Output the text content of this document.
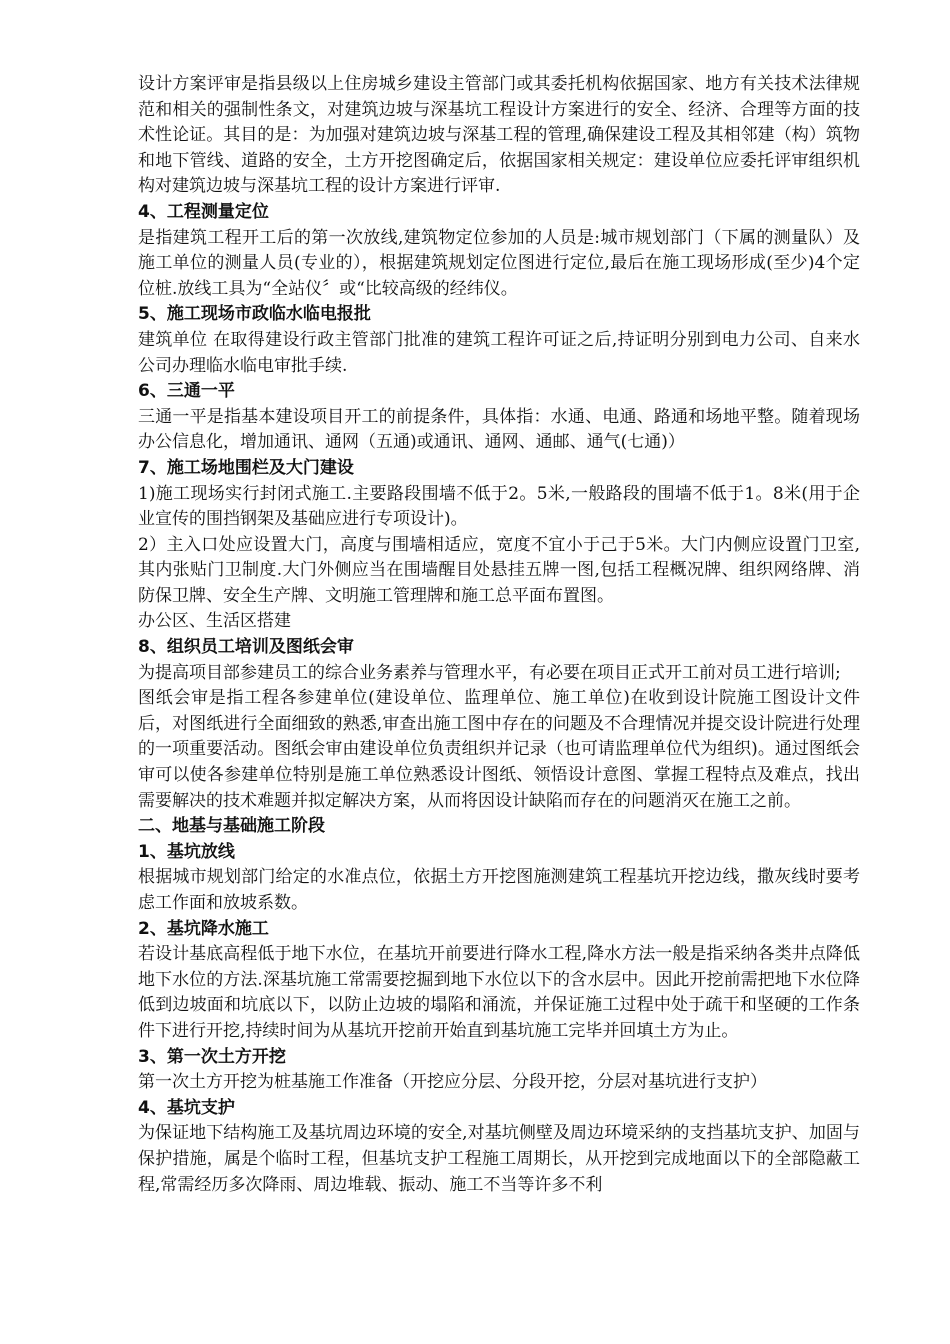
设计方案评审是指县级以上住房城乡建设主管部门或其委托机构依据国家、地方有关技术法律规范和相关的强制性条文，对建筑边坡与深基坑工程设计方案进行的安全、经济、合理等方面的技术性论证。其目的是：为加强对建筑边坡与深基工程的管理,确保建设工程及其相邻建（构）筑物和地下管线、道路的安全，土方开挖图确定后，依据国家相关规定：建设单位应委托评审组织机构对建筑边坡与深基坑工程的设计方案进行评审.

4、工程测量定位

是指建筑工程开工后的第一次放线,建筑物定位参加的人员是:城市规划部门（下属的测量队）及施工单位的测量人员(专业的），根据建筑规划定位图进行定位,最后在施工现场形成(至少)4个定位桩.放线工具为“全站仪〞或“比较高级的经纬仪。

5、施工现场市政临水临电报批

建筑单位 在取得建设行政主管部门批准的建筑工程许可证之后,持证明分别到电力公司、自来水公司办理临水临电审批手续.

6、三通一平

三通一平是指基本建设项目开工的前提条件，具体指：水通、电通、路通和场地平整。随着现场办公信息化，增加通讯、通网（五通)或通讯、通网、通邮、通气(七通)）

7、施工场地围栏及大门建设

1)施工现场实行封闭式施工.主要路段围墙不低于2。5米,一般路段的围墙不低于1。8米(用于企业宣传的围挡钢架及基础应进行专项设计)。

2）主入口处应设置大门，高度与围墙相适应，宽度不宜小于己于5米。大门内侧应设置门卫室,其内张贴门卫制度.大门外侧应当在围墙醒目处悬挂五牌一图,包括工程概况牌、组织网络牌、消防保卫牌、安全生产牌、文明施工管理牌和施工总平面布置图。

办公区、生活区搭建

8、组织员工培训及图纸会审

为提高项目部参建员工的综合业务素养与管理水平，有必要在项目正式开工前对员工进行培训;

图纸会审是指工程各参建单位(建设单位、监理单位、施工单位)在收到设计院施工图设计文件后，对图纸进行全面细致的熟悉,审查出施工图中存在的问题及不合理情况并提交设计院进行处理的一项重要活动。图纸会审由建设单位负责组织并记录（也可请监理单位代为组织)。通过图纸会审可以使各参建单位特别是施工单位熟悉设计图纸、领悟设计意图、掌握工程特点及难点，找出需要解决的技术难题并拟定解决方案，从而将因设计缺陷而存在的问题消灭在施工之前。

二、地基与基础施工阶段

1、基坑放线

根据城市规划部门给定的水准点位，依据土方开挖图施测建筑工程基坑开挖边线，撒灰线时要考虑工作面和放坡系数。

2、基坑降水施工

若设计基底高程低于地下水位，在基坑开前要进行降水工程,降水方法一般是指采纳各类井点降低地下水位的方法.深基坑施工常需要挖掘到地下水位以下的含水层中。因此开挖前需把地下水位降低到边坡面和坑底以下，以防止边坡的塌陷和涌流，并保证施工过程中处于疏干和坚硬的工作条件下进行开挖,持续时间为从基坑开挖前开始直到基坑施工完毕并回填土方为止。

3、第一次土方开挖

第一次土方开挖为桩基施工作准备（开挖应分层、分段开挖，分层对基坑进行支护）

4、基坑支护

为保证地下结构施工及基坑周边环境的安全,对基坑侧壁及周边环境采纳的支挡基坑支护、加固与保护措施，属是个临时工程，但基坑支护工程施工周期长，从开挖到完成地面以下的全部隐蔽工程,常需经历多次降雨、周边堆载、振动、施工不当等许多不利
